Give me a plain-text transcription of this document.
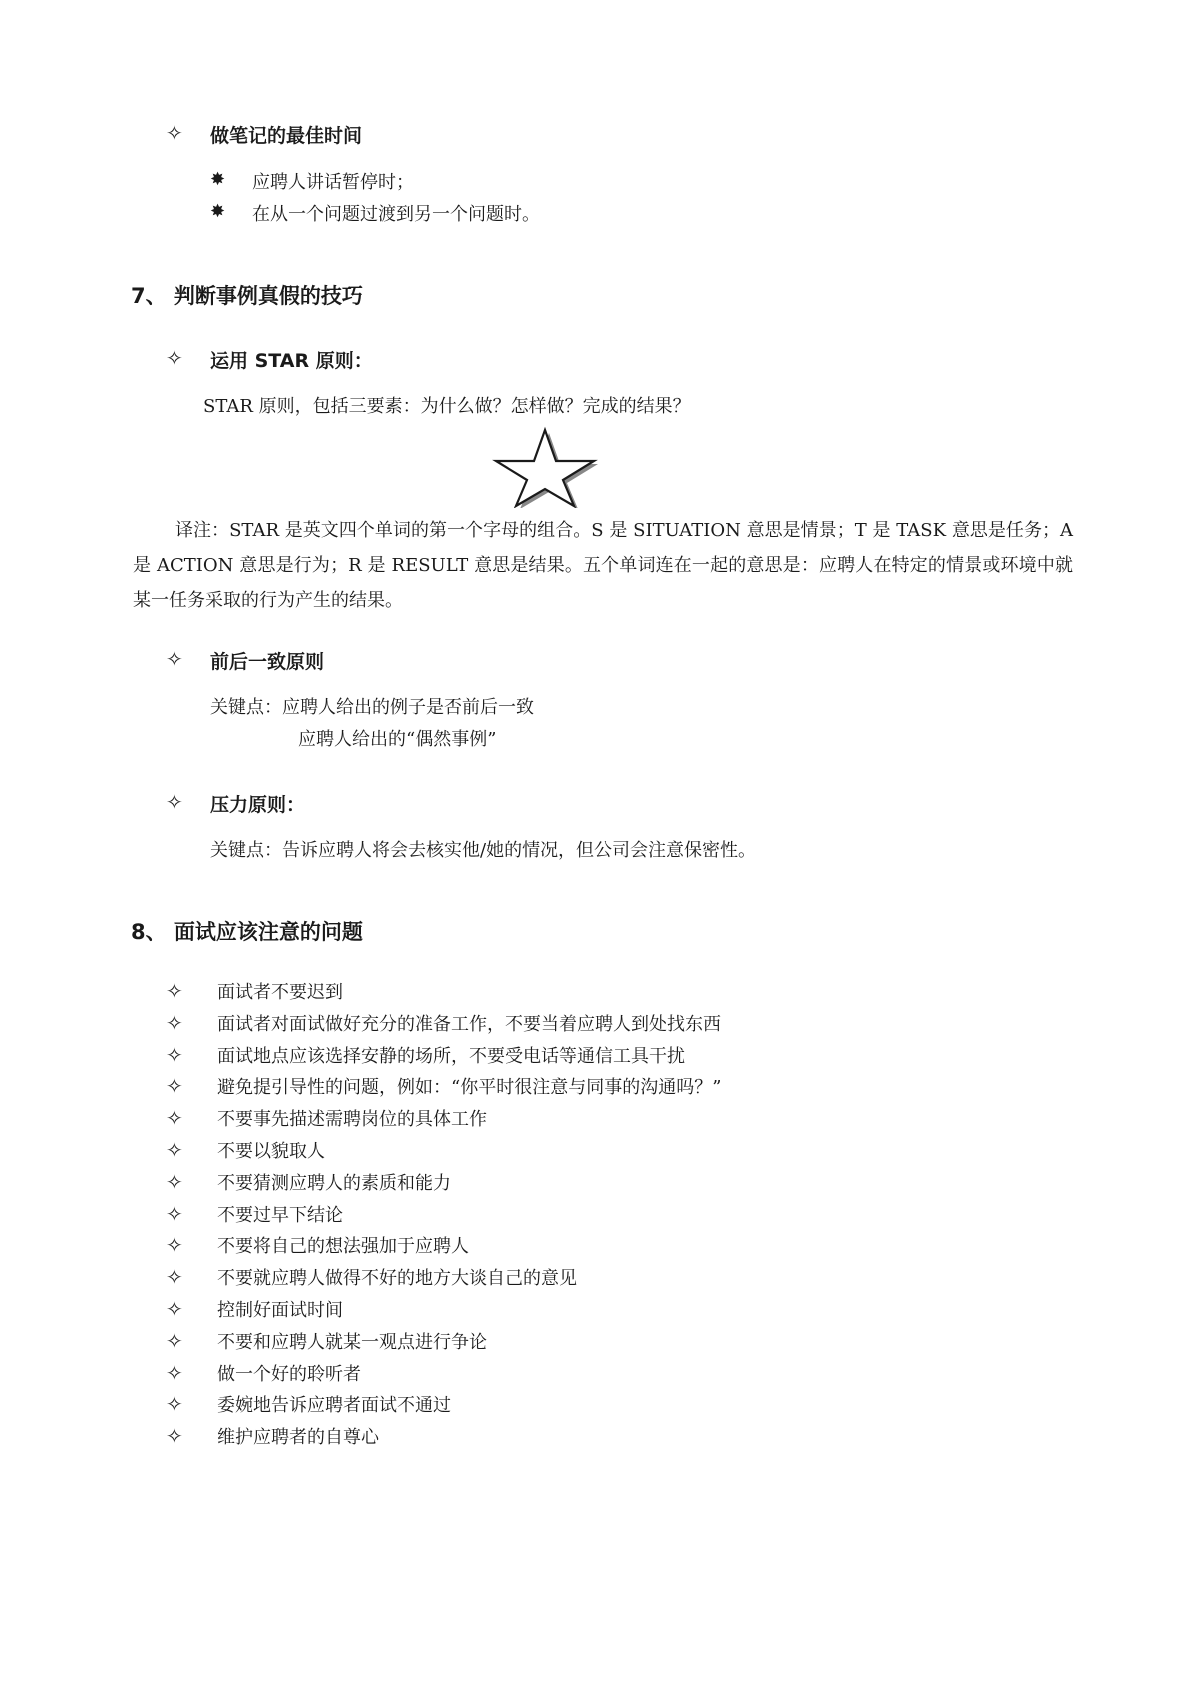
✧ 做笔记的最佳时间
✸ 应聘人讲话暂停时；
✸ 在从一个问题过渡到另一个问题时。
7、 判断事例真假的技巧
✧ 运用 STAR 原则：
STAR 原则，包括三要素：为什么做？怎样做？完成的结果？
译注：STAR 是英文四个单词的第一个字母的组合。S 是 SITUATION 意思是情景；T 是 TASK 意思是任务；A 是 ACTION 意思是行为；R 是 RESULT 意思是结果。五个单词连在一起的意思是：应聘人在特定的情景或环境中就某一任务采取的行为产生的结果。
✧ 前后一致原则
关键点：应聘人给出的例子是否前后一致
应聘人给出的“偶然事例”
✧ 压力原则：
关键点：告诉应聘人将会去核实他/她的情况，但公司会注意保密性。
8、 面试应该注意的问题
✧ 面试者不要迟到
✧ 面试者对面试做好充分的准备工作，不要当着应聘人到处找东西
✧ 面试地点应该选择安静的场所，不要受电话等通信工具干扰
✧ 避免提引导性的问题，例如：“你平时很注意与同事的沟通吗？”
✧ 不要事先描述需聘岗位的具体工作
✧ 不要以貌取人
✧ 不要猜测应聘人的素质和能力
✧ 不要过早下结论
✧ 不要将自己的想法强加于应聘人
✧ 不要就应聘人做得不好的地方大谈自己的意见
✧ 控制好面试时间
✧ 不要和应聘人就某一观点进行争论
✧ 做一个好的聆听者
✧ 委婉地告诉应聘者面试不通过
✧ 维护应聘者的自尊心
